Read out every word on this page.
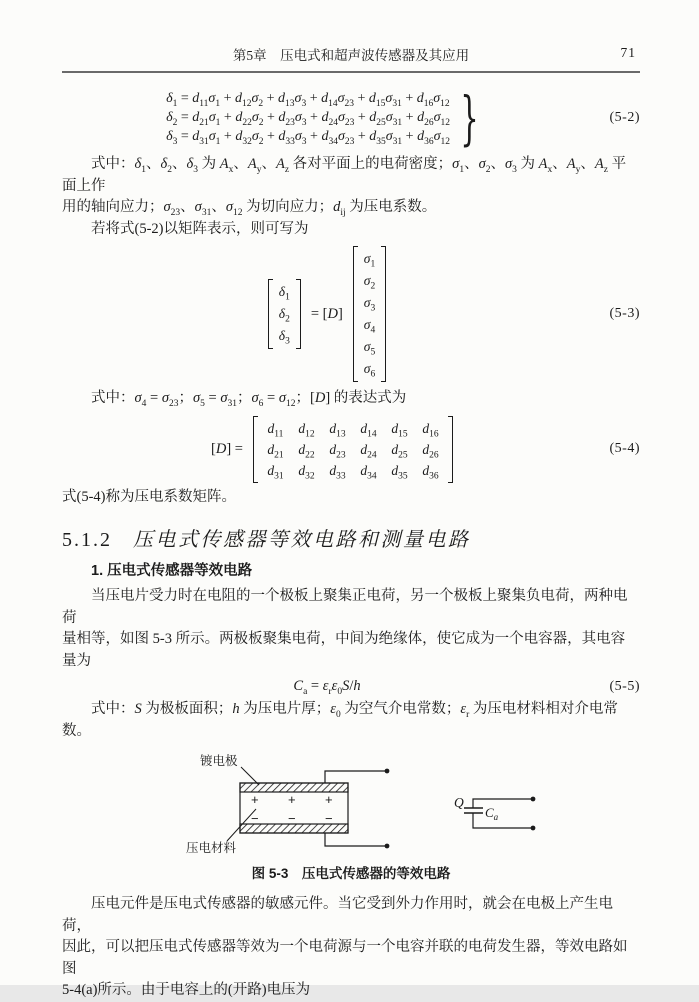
第5章　压电式和超声波传感器及其应用	71
$\delta_1 = d_{11}\sigma_1 + d_{12}\sigma_2 + d_{13}\sigma_3 + d_{14}\sigma_{23} + d_{15}\sigma_{31} + d_{16}\sigma_{12}$
$\delta_2 = d_{21}\sigma_1 + d_{22}\sigma_2 + d_{23}\sigma_3 + d_{24}\sigma_{23} + d_{25}\sigma_{31} + d_{26}\sigma_{12}$
$\delta_3 = d_{31}\sigma_1 + d_{32}\sigma_2 + d_{33}\sigma_3 + d_{34}\sigma_{23} + d_{35}\sigma_{31} + d_{36}\sigma_{12}$ }	(5-2)
式中：$\delta_1$、$\delta_2$、$\delta_3$ 为 $A_x$、$A_y$、$A_z$ 各对平面上的电荷密度；$\sigma_1$、$\sigma_2$、$\sigma_3$ 为 $A_x$、$A_y$、$A_z$ 平面上作
用的轴向应力；$\sigma_{23}$、$\sigma_{31}$、$\sigma_{12}$ 为切向应力；$d_{ij}$ 为压电系数。
若将式(5-2)以矩阵表示，则可写为
$\delta_1$
$\delta_2$
$\delta_3$
= [D]
$\sigma_1$
$\sigma_2$
$\sigma_3$
$\sigma_4$
$\sigma_5$
$\sigma_6$
(5-3)
式中：$\sigma_4 = \sigma_{23}$；$\sigma_5 = \sigma_{31}$；$\sigma_6 = \sigma_{12}$；[D] 的表达式为
[D] =
$d_{11}$	$d_{12}$	$d_{13}$	$d_{14}$	$d_{15}$	$d_{16}$
$d_{21}$	$d_{22}$	$d_{23}$	$d_{24}$	$d_{25}$	$d_{26}$
$d_{31}$	$d_{32}$	$d_{33}$	$d_{34}$	$d_{35}$	$d_{36}$
(5-4)
式(5-4)称为压电系数矩阵。
5.1.2 压电式传感器等效电路和测量电路
1. 压电式传感器等效电路
当压电片受力时在电阻的一个极板上聚集正电荷，另一个极板上聚集负电荷，两种电荷
量相等，如图 5-3 所示。两极板聚集电荷，中间为绝缘体，使它成为一个电容器，其电容
量为
$C_a = \varepsilon_r\varepsilon_0S/h$	(5-5)
式中：S 为极板面积；h 为压电片厚；$\varepsilon_0$ 为空气介电常数；$\varepsilon_r$ 为压电材料相对介电常数。
镀电极
+ + +
− − −
压电材料
Q
$C_a$
图 5-3　压电式传感器的等效电路
压电元件是压电式传感器的敏感元件。当它受到外力作用时，就会在电极上产生电荷，
因此，可以把压电式传感器等效为一个电荷源与一个电容并联的电荷发生器，等效电路如图
5-4(a)所示。由于电容上的(开路)电压为
